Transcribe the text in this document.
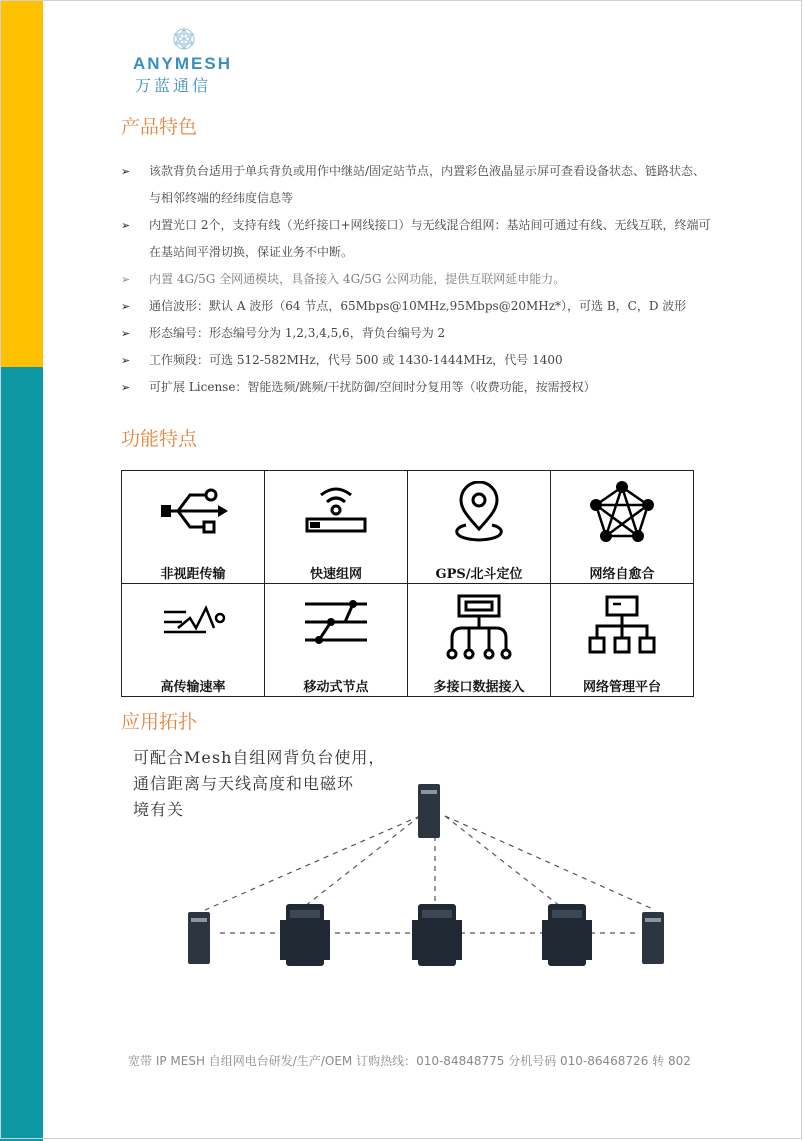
ANYMESH
万蓝通信
产品特色
➢ 该款背负台适用于单兵背负或用作中继站/固定站节点，内置彩色液晶显示屏可查看设备状态、链路状态、与相邻终端的经纬度信息等
➢ 内置光口 2个，支持有线（光纤接口+网线接口）与无线混合组网：基站间可通过有线、无线互联，终端可在基站间平滑切换，保证业务不中断。
➢ 内置 4G/5G 全网通模块，具备接入 4G/5G 公网功能，提供互联网延申能力。
➢ 通信波形：默认 A 波形（64 节点，65Mbps@10MHz,95Mbps@20MHz*），可选 B，C，D 波形
➢ 形态编号：形态编号分为 1,2,3,4,5,6，背负台编号为 2
➢ 工作频段：可选 512-582MHz，代号 500 或 1430-1444MHz，代号 1400
➢ 可扩展 License：智能选频/跳频/干扰防御/空间时分复用等（收费功能，按需授权）
功能特点
非视距传输	快速组网	GPS/北斗定位	网络自愈合

高传输速率	移动式节点	多接口数据接入	网络管理平台
应用拓扑
可配合Mesh自组网背负台使用，
通信距离与天线高度和电磁环
境有关
宽带 IP MESH 自组网电台研发/生产/OEM 订购热线：010-84848775 分机号码 010-86468726 转 802
